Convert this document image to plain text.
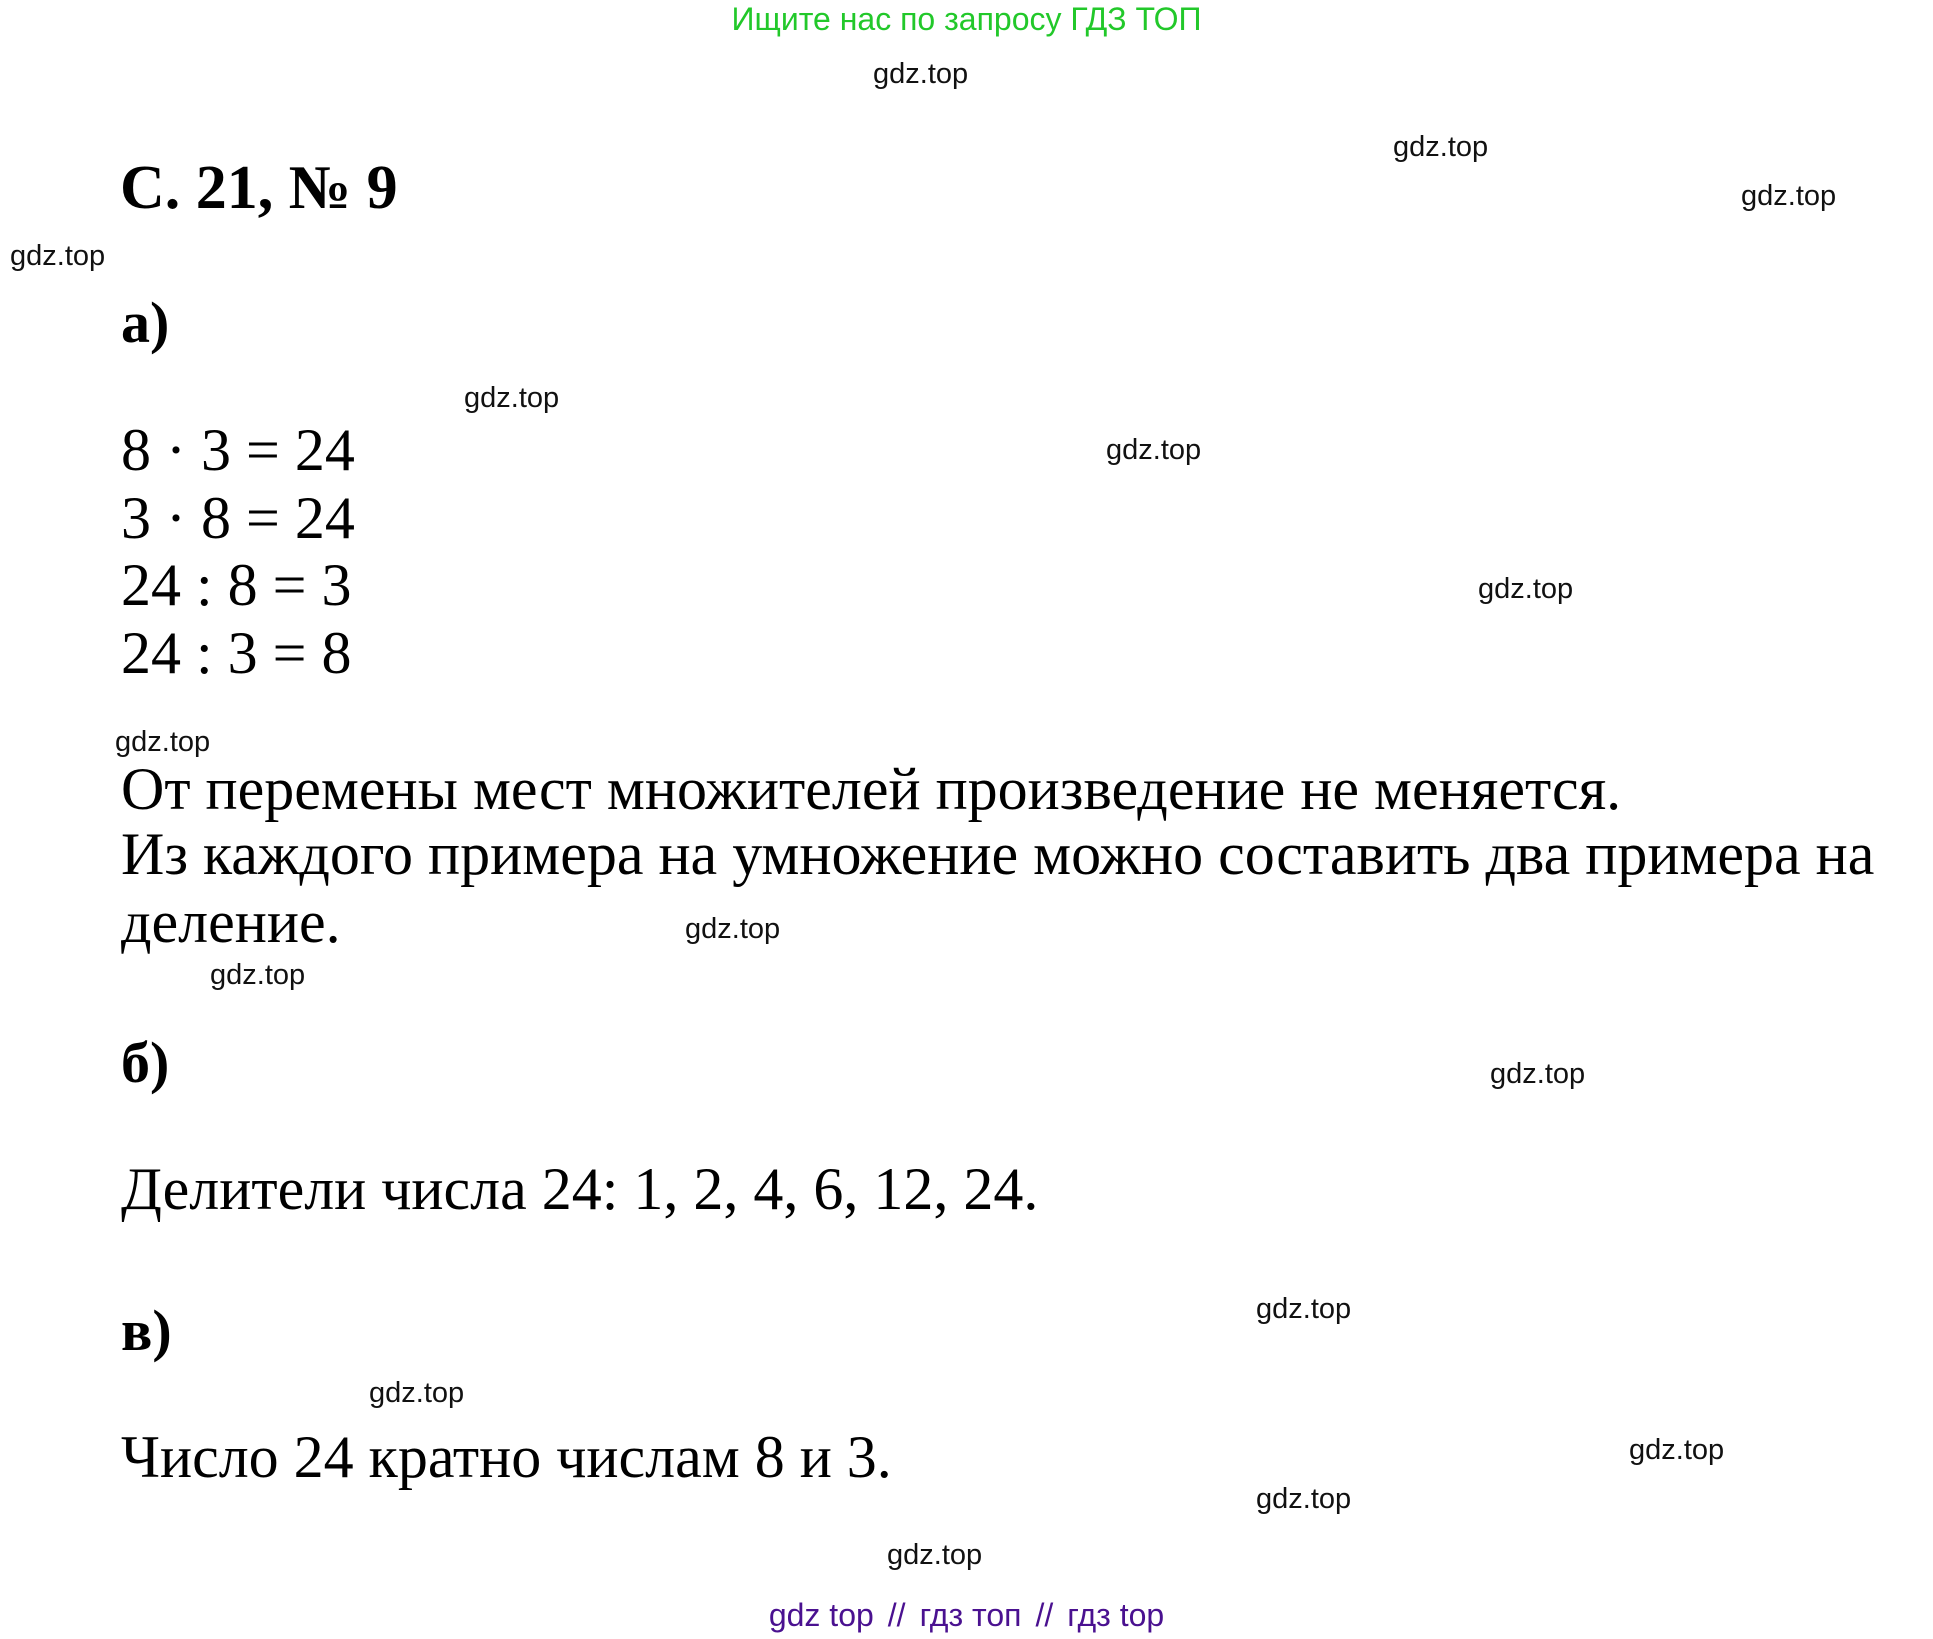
Ищите нас по запросу ГДЗ ТОП
С. 21, № 9
а)
8 · 3 = 24
3 · 8 = 24
24 : 8 = 3
24 : 3 = 8
От перемены мест множителей произведение не меняется.
Из каждого примера на умножение можно составить два примера на
деление.
б)
Делители числа 24: 1, 2, 4, 6, 12, 24.
в)
Число 24 кратно числам 8 и 3.
gdz.top
gdz.top
gdz.top
gdz.top
gdz.top
gdz.top
gdz.top
gdz.top
gdz.top
gdz.top
gdz.top
gdz.top
gdz.top
gdz.top
gdz.top
gdz.top
gdz top // гдз топ // гдз top
